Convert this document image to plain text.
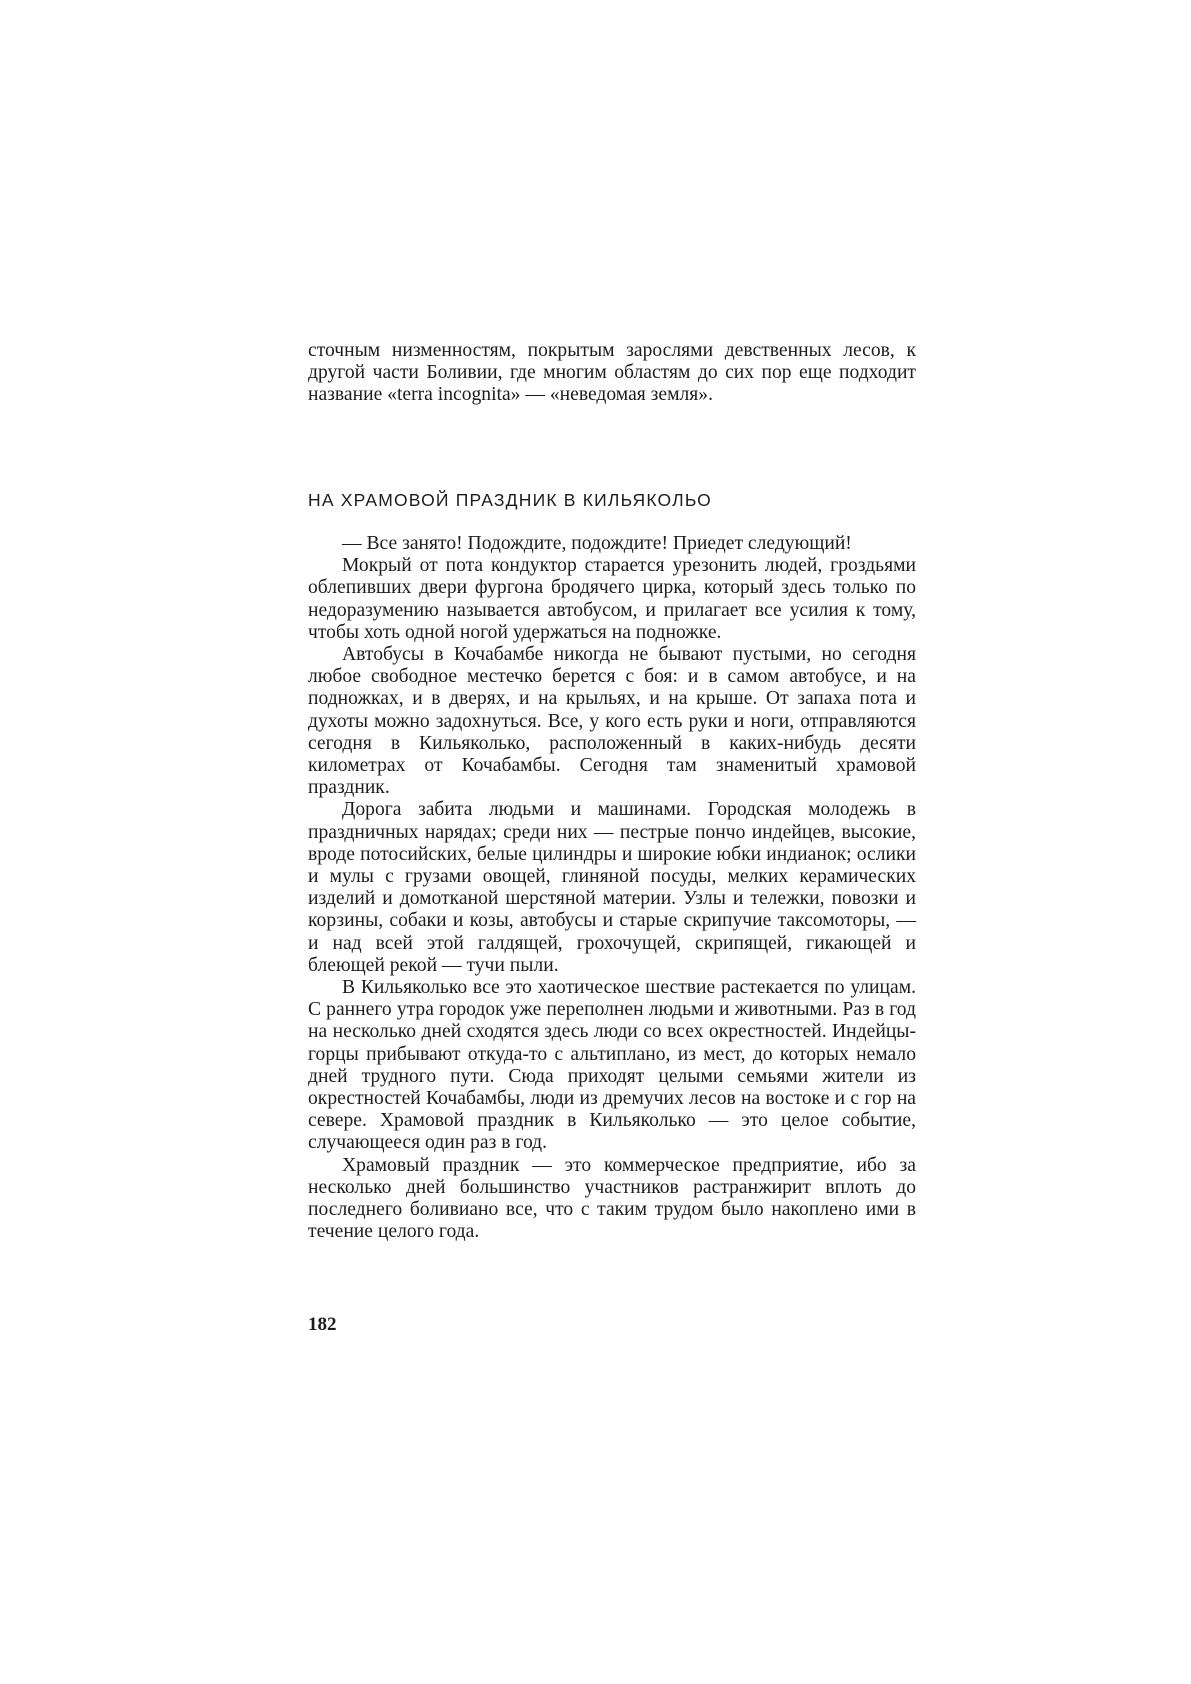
сточным низменностям, покрытым зарослями девственных лесов, к другой части Боливии, где многим областям до сих пор еще подходит название «terra incognita» — «неведомая земля».

НА ХРАМОВОЙ ПРАЗДНИК В КИЛЬЯКОЛЬО

— Все занято! Подождите, подождите! Приедет следующий!

Мокрый от пота кондуктор старается урезонить людей, гроздьями облепивших двери фургона бродячего цирка, который здесь только по недоразумению называется автобусом, и прилагает все усилия к тому, чтобы хоть одной ногой удержаться на подножке.

Автобусы в Кочабамбе никогда не бывают пустыми, но сегодня любое свободное местечко берется с боя: и в самом автобусе, и на подножках, и в дверях, и на крыльях, и на крыше. От запаха пота и духоты можно задохнуться. Все, у кого есть руки и ноги, отправляются сегодня в Кильяколько, расположенный в каких-нибудь десяти километрах от Кочабамбы. Сегодня там знаменитый храмовой праздник.

Дорога забита людьми и машинами. Городская молодежь в праздничных нарядах; среди них — пестрые пончо индейцев, высокие, вроде потосийских, белые цилиндры и широкие юбки индианок; ослики и мулы с грузами овощей, глиняной посуды, мелких керамических изделий и домотканой шерстяной материи. Узлы и тележки, повозки и корзины, собаки и козы, автобусы и старые скрипучие таксомоторы, — и над всей этой галдящей, грохочущей, скрипящей, гикающей и блеющей рекой — тучи пыли.

В Кильяколько все это хаотическое шествие растекается по улицам. С раннего утра городок уже переполнен людьми и животными. Раз в год на несколько дней сходятся здесь люди со всех окрестностей. Индейцы-горцы прибывают откуда-то с альтиплано, из мест, до которых немало дней трудного пути. Сюда приходят целыми семьями жители из окрестностей Кочабамбы, люди из дремучих лесов на востоке и с гор на севере. Храмовой праздник в Кильяколько — это целое событие, случающееся один раз в год.

Храмовый праздник — это коммерческое предприятие, ибо за несколько дней большинство участников растранжирит вплоть до последнего боливиано все, что с таким трудом было накоплено ими в течение целого года.

182
